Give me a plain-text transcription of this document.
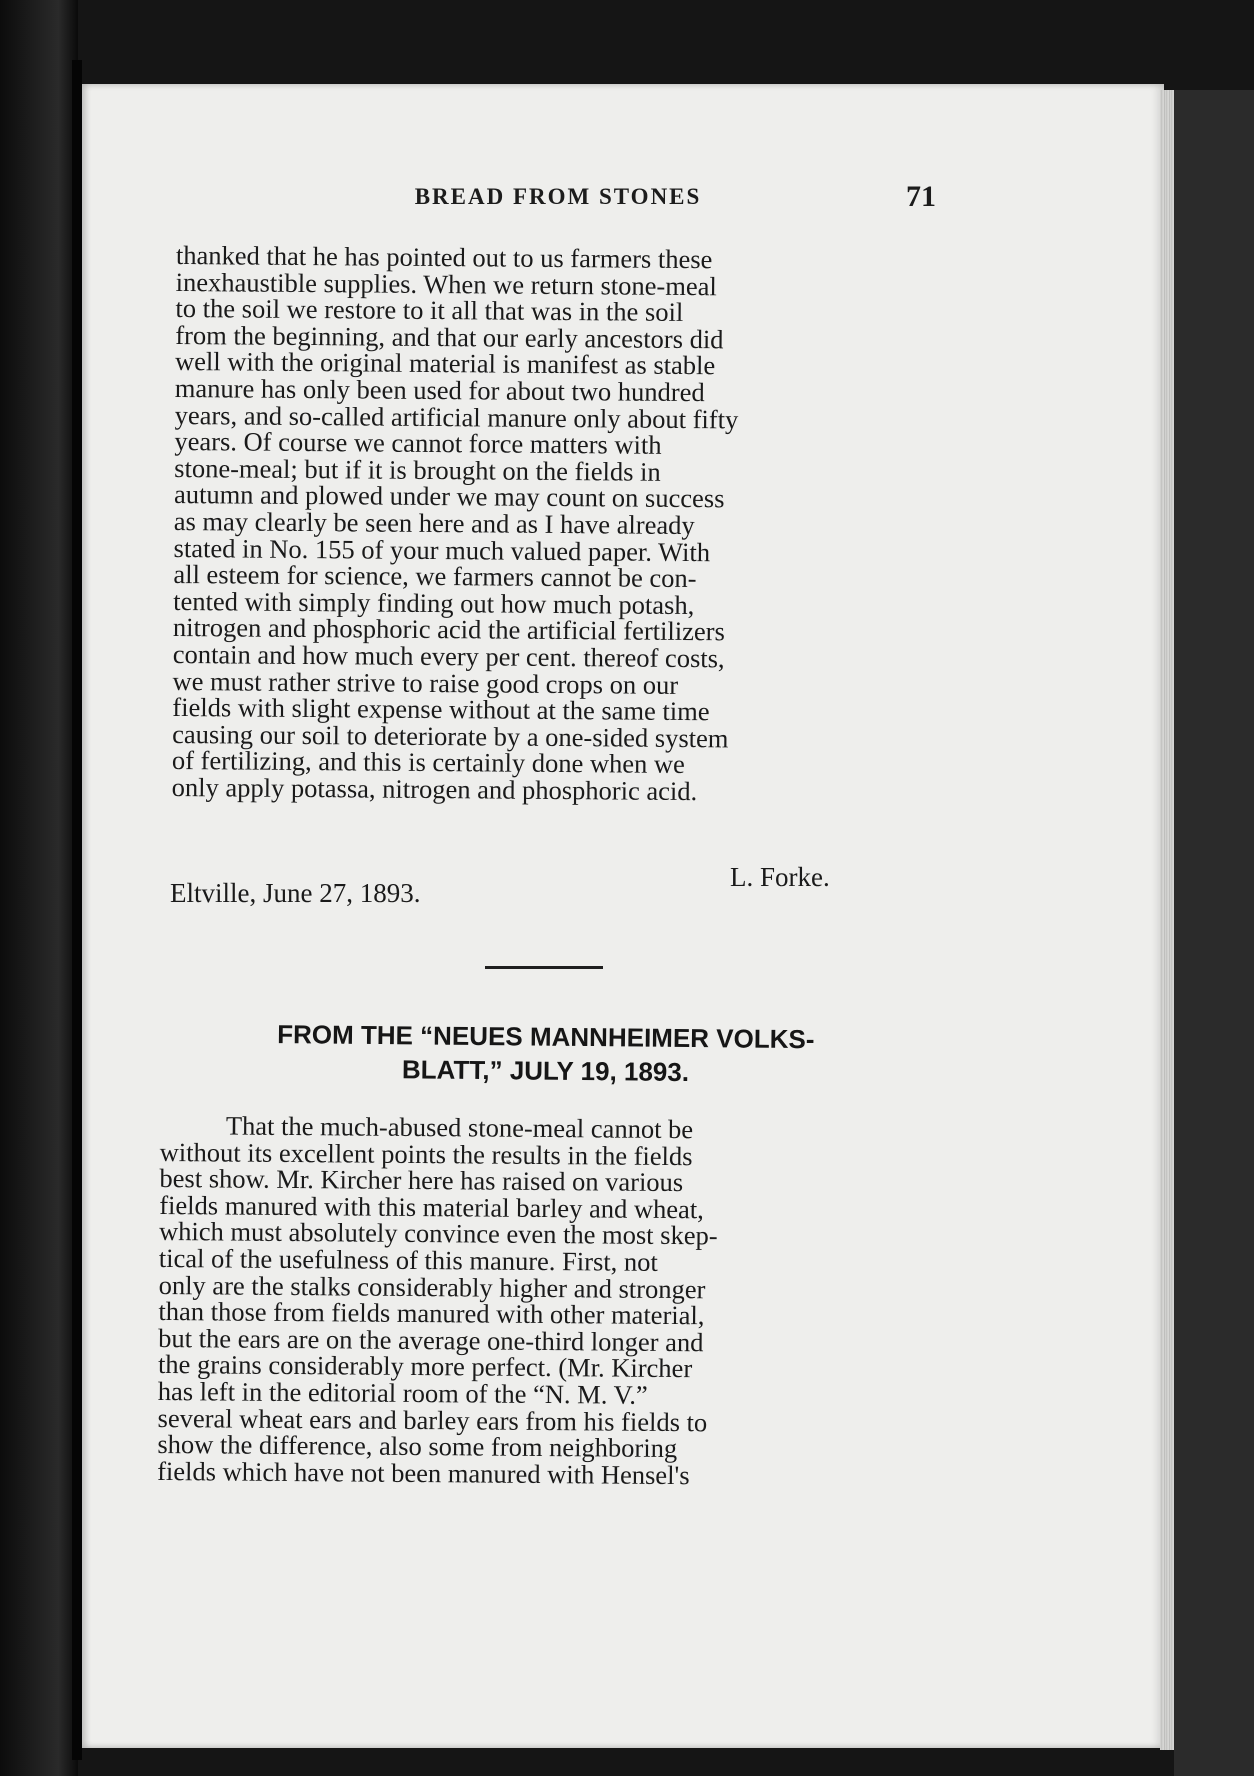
BREAD FROM STONES	71
thanked that he has pointed out to us farmers these
inexhaustible supplies. When we return stone-meal
to the soil we restore to it all that was in the soil
from the beginning, and that our early ancestors did
well with the original material is manifest as stable
manure has only been used for about two hundred
years, and so-called artificial manure only about fifty
years. Of course we cannot force matters with
stone-meal; but if it is brought on the fields in
autumn and plowed under we may count on success
as may clearly be seen here and as I have already
stated in No. 155 of your much valued paper. With
all esteem for science, we farmers cannot be con-
tented with simply finding out how much potash,
nitrogen and phosphoric acid the artificial fertilizers
contain and how much every per cent. thereof costs,
we must rather strive to raise good crops on our
fields with slight expense without at the same time
causing our soil to deteriorate by a one-sided system
of fertilizing, and this is certainly done when we
only apply potassa, nitrogen and phosphoric acid.
Eltville, June 27, 1893.
L. Forke.
FROM THE “NEUES MANNHEIMER VOLKS-
BLATT,” JULY 19, 1893.
That the much-abused stone-meal cannot be
without its excellent points the results in the fields
best show. Mr. Kircher here has raised on various
fields manured with this material barley and wheat,
which must absolutely convince even the most skep-
tical of the usefulness of this manure. First, not
only are the stalks considerably higher and stronger
than those from fields manured with other material,
but the ears are on the average one-third longer and
the grains considerably more perfect. (Mr. Kircher
has left in the editorial room of the “N. M. V.”
several wheat ears and barley ears from his fields to
show the difference, also some from neighboring
fields which have not been manured with Hensel's
